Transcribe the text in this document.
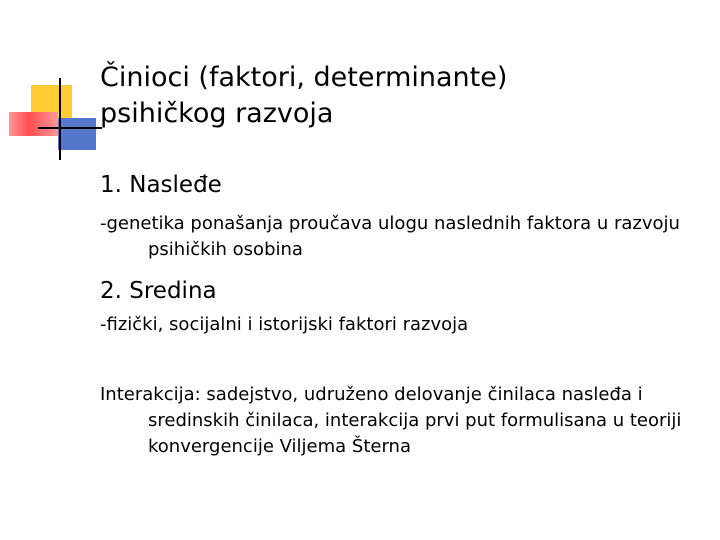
Činioci (faktori, determinante)
psihičkog razvoja

1. Nasleđe

-genetika ponašanja proučava ulogu naslednih faktora u razvoju psihičkih osobina

2. Sredina

-fizički, socijalni i istorijski faktori razvoja

Interakcija: sadejstvo, udruženo delovanje činilaca nasleđa i sredinskih činilaca, interakcija prvi put formulisana u teoriji konvergencije Viljema Šterna
